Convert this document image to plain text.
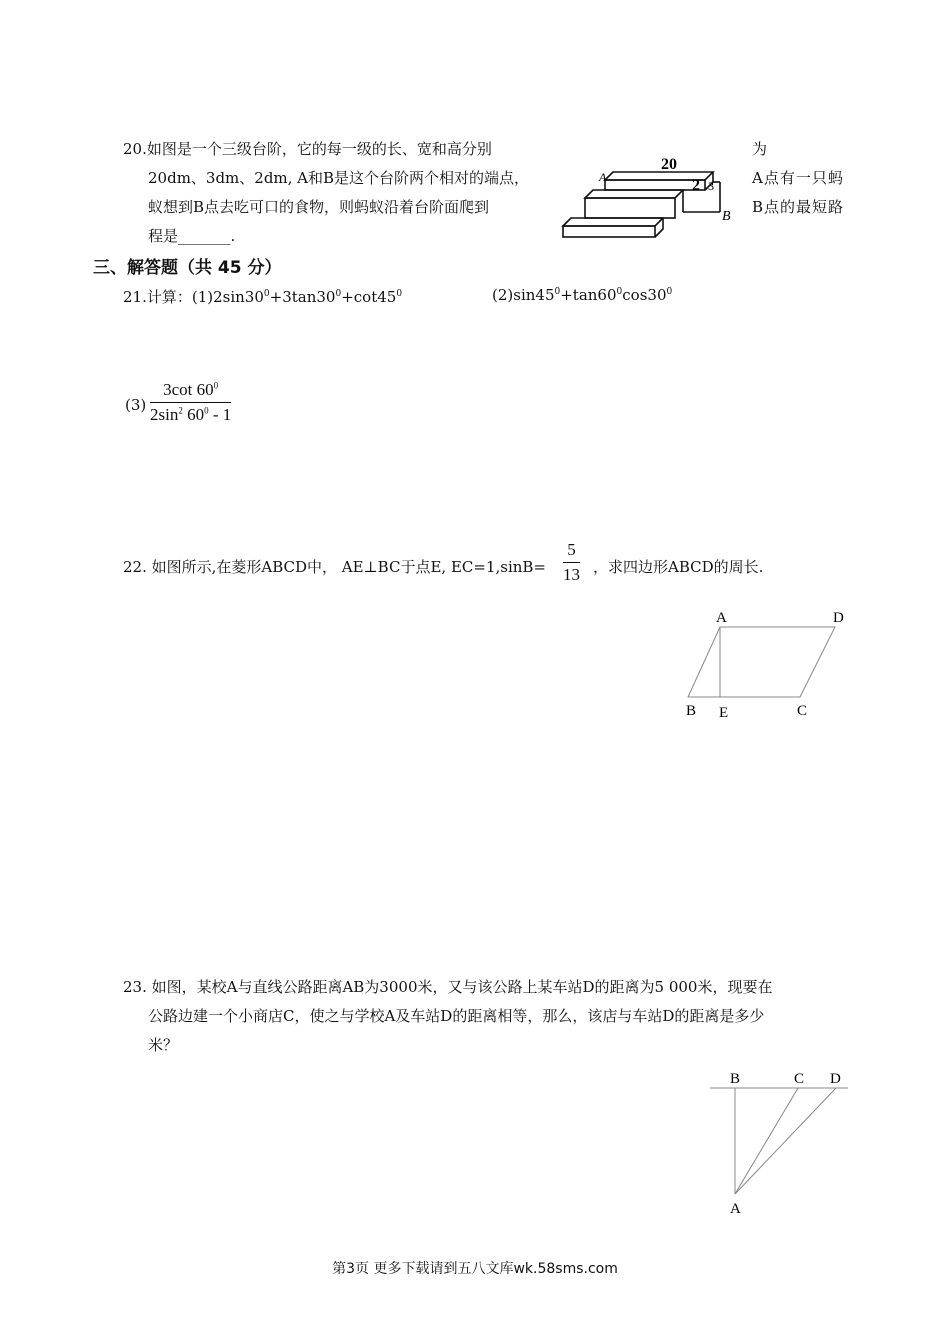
20.如图是一个三级台阶，它的每一级的长、宽和高分别	为
20dm、3dm、2dm, A和B是这个台阶两个相对的端点，	A点有一只蚂
蚁想到B点去吃可口的食物，则蚂蚁沿着台阶面爬到	B点的最短路
程是_______.
20
2 3
A
B
三、解答题（共 45 分）
21.计算：$(1)2\sin 30^0+3\tan 30^0+\cot 45^0$	$(2)\sin 45^0+\tan 60^0\cos 30^0$
$(3) \frac{3\cot 60^0}{2\sin^2 60^0 - 1}$
22. 如图所示,在菱形ABCD中， AE⊥BC于点E, $EC=1,\sin B= \frac{5}{13}$ ，求四边形ABCD的周长.
A	D
B E	C
23. 如图，某校A与直线公路距离AB为3000米，又与该公路上某车站D的距离为5 000米，现要在
公路边建一个小商店C，使之与学校A及车站D的距离相等，那么，该店与车站D的距离是多少
米？
B	C D
A
第3页 更多下载请到五八文库wk.58sms.com
